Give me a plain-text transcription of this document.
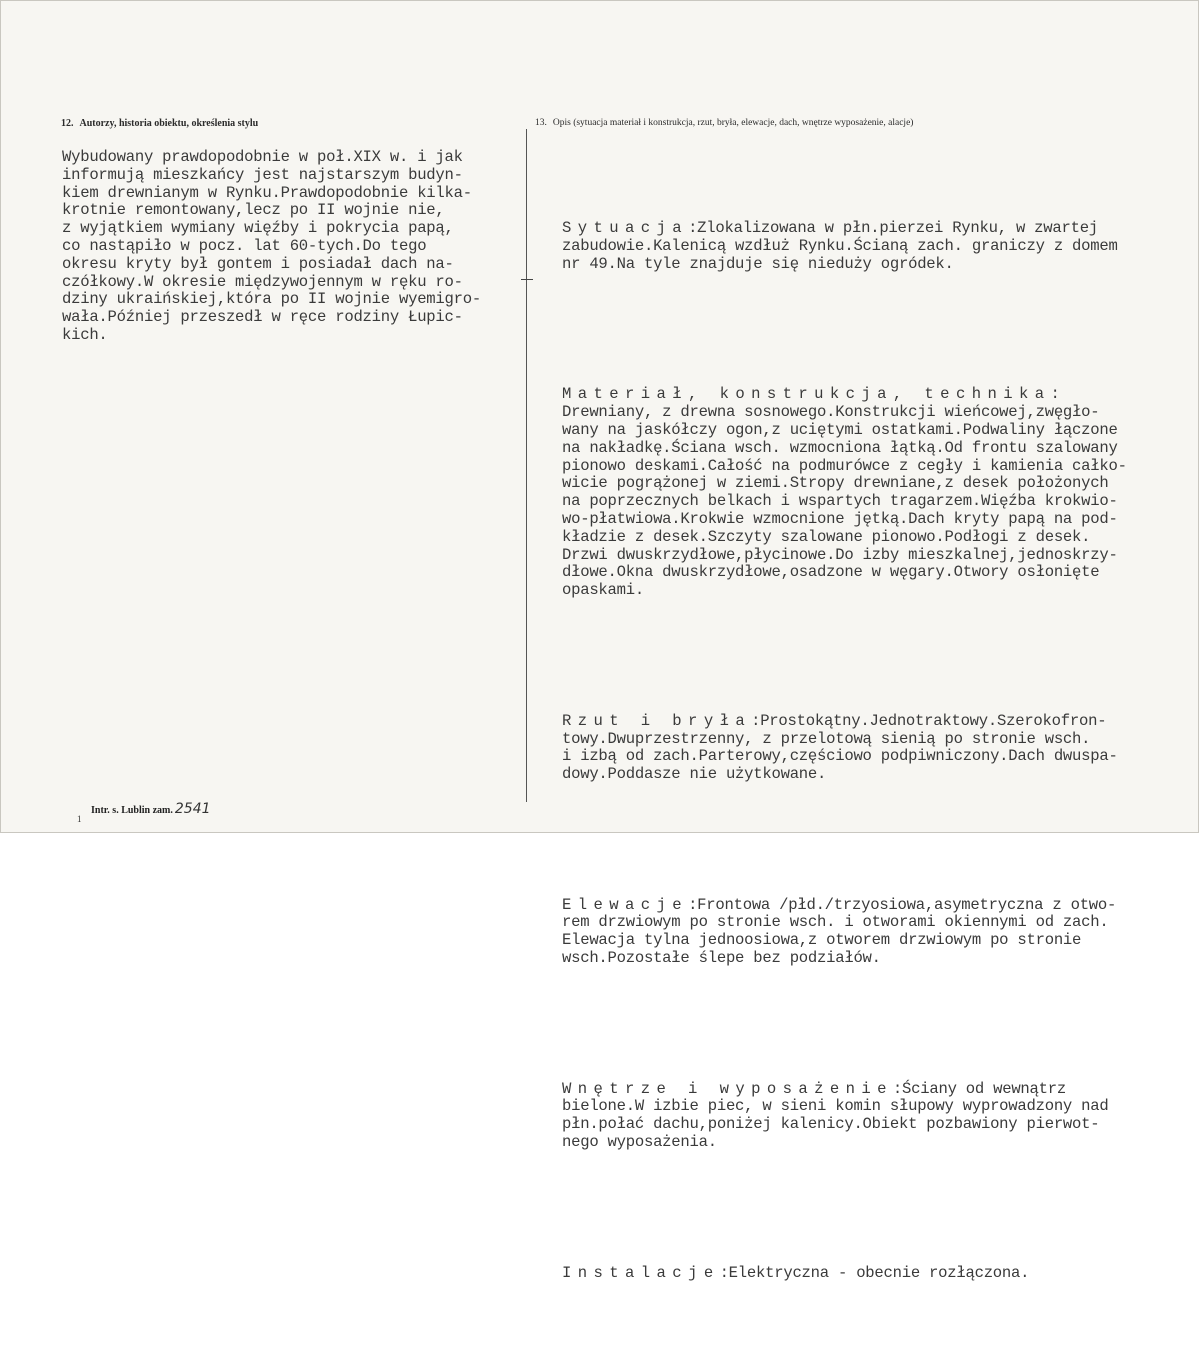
12. Autorzy, historia obiektu, określenia stylu	13. Opis (sytuacja materiał i konstrukcja, rzut, bryła, elewacje, dach, wnętrze wyposażenie, alacje)

Wybudowany prawdopodobnie w poł.XIX w. i jak
informują mieszkańcy jest najstarszym budyn-
kiem drewnianym w Rynku.Prawdopodobnie kilka-
krotnie remontowany,lecz po II wojnie nie,
z wyjątkiem wymiany więźby i pokrycia papą,
co nastąpiło w pocz. lat 60-tych.Do tego
okresu kryty był gontem i posiadał dach na-
czółkowy.W okresie międzywojennym w ręku ro-
dziny ukraińskiej,która po II wojnie wyemigro-
wała.Później przeszedł w ręce rodziny Łupic-
kich.

Sytuacja:Zlokalizowana w płn.pierzei Rynku, w zwartej
zabudowie.Kalenicą wzdłuż Rynku.Ścianą zach. graniczy z domem
nr 49.Na tyle znajduje się nieduży ogródek.

Materiał, konstrukcja, technika:
Drewniany, z drewna sosnowego.Konstrukcji wieńcowej,zwęgło-
wany na jaskółczy ogon,z uciętymi ostatkami.Podwaliny łączone
na nakładkę.Ściana wsch. wzmocniona łątką.Od frontu szalowany
pionowo deskami.Całość na podmurówce z cegły i kamienia całko-
wicie pogrążonej w ziemi.Stropy drewniane,z desek położonych
na poprzecznych belkach i wspartych tragarzem.Więźba krokwio-
wo-płatwiowa.Krokwie wzmocnione jętką.Dach kryty papą na pod-
kładzie z desek.Szczyty szalowane pionowo.Podłogi z desek.
Drzwi dwuskrzydłowe,płycinowe.Do izby mieszkalnej,jednoskrzy-
dłowe.Okna dwuskrzydłowe,osadzone w węgary.Otwory osłonięte
opaskami.

Rzut i bryła:Prostokątny.Jednotraktowy.Szerokofron-
towy.Dwuprzestrzenny, z przelotową sienią po stronie wsch.
i izbą od zach.Parterowy,częściowo podpiwniczony.Dach dwuspa-
dowy.Poddasze nie użytkowane.

Elewacje:Frontowa /płd./trzyosiowa,asymetryczna z otwo-
rem drzwiowym po stronie wsch. i otworami okiennymi od zach.
Elewacja tylna jednoosiowa,z otworem drzwiowym po stronie
wsch.Pozostałe ślepe bez podziałów.

Wnętrze i wyposażenie:Ściany od wewnątrz
bielone.W izbie piec, w sieni komin słupowy wyprowadzony nad
płn.połać dachu,poniżej kalenicy.Obiekt pozbawiony pierwot-
nego wyposażenia.

Instalacje:Elektryczna - obecnie rozłączona.

Intr. s. Lublin zam. 2541
1
